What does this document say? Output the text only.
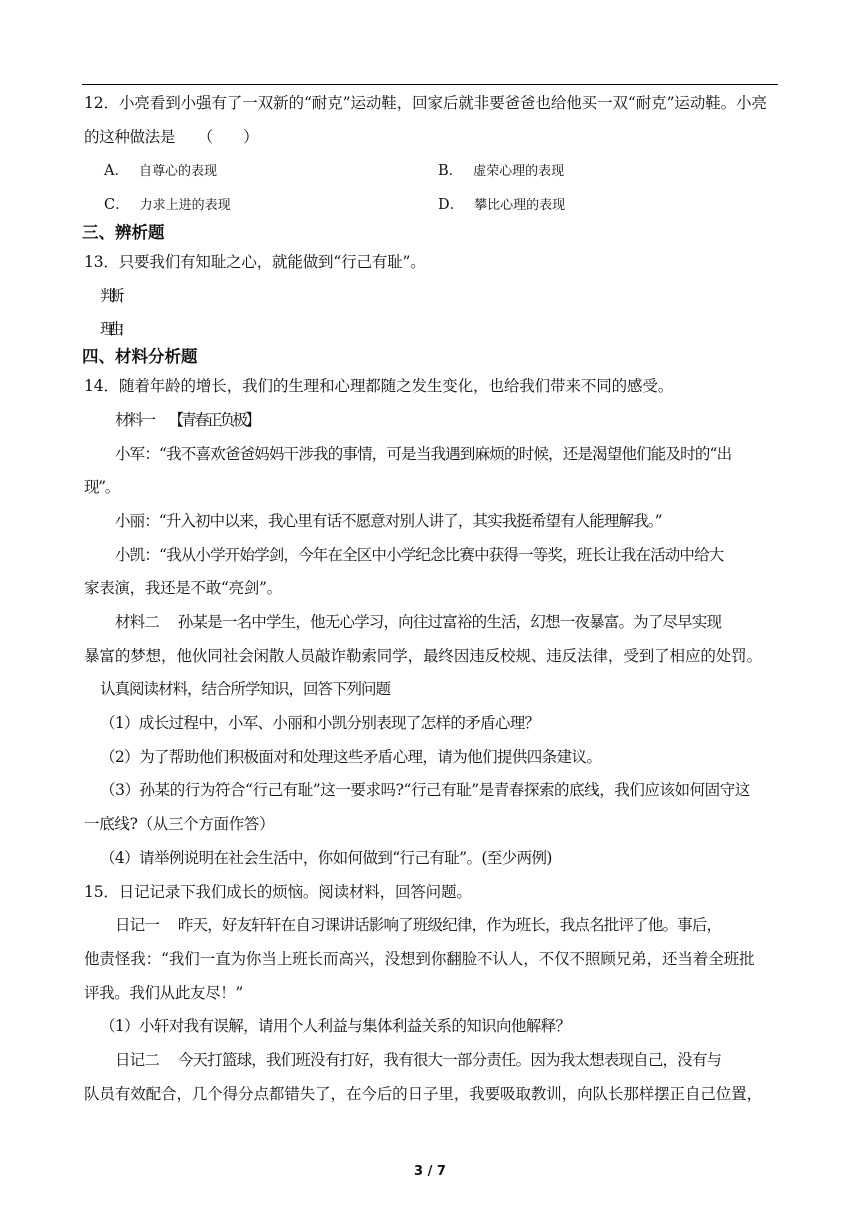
12．小亮看到小强有了一双新的“耐克”运动鞋，回家后就非要爸爸也给他买一双“耐克”运动鞋。小亮
的这种做法是　　（　　）
A． 自尊心的表现	B． 虚荣心理的表现
C． 力求上进的表现	D． 攀比心理的表现
三、辨析题
13．只要我们有知耻之心，就能做到“行己有耻”。
判断：
理由：
四、材料分析题
14．随着年龄的增长，我们的生理和心理都随之发生变化，也给我们带来不同的感受。
材料一　 【青春正负极】
小军：“我不喜欢爸爸妈妈干涉我的事情，可是当我遇到麻烦的时候，还是渴望他们能及时的“出
现”。
小丽：“升入初中以来，我心里有话不愿意对别人讲了，其实我挺希望有人能理解我。”
小凯：“我从小学开始学剑，今年在全区中小学纪念比赛中获得一等奖，班长让我在活动中给大
家表演，我还是不敢“亮剑”。
材料二　 孙某是一名中学生，他无心学习，向往过富裕的生活，幻想一夜暴富。为了尽早实现
暴富的梦想，他伙同社会闲散人员敲诈勒索同学，最终因违反校规、违反法律，受到了相应的处罚。
认真阅读材料，结合所学知识，回答下列问题
（1）成长过程中，小军、小丽和小凯分别表现了怎样的矛盾心理？
（2）为了帮助他们积极面对和处理这些矛盾心理，请为他们提供四条建议。
（3）孙某的行为符合“行己有耻”这一要求吗?“行己有耻”是青春探索的底线，我们应该如何固守这
一底线?（从三个方面作答）
（4）请举例说明在社会生活中，你如何做到“行己有耻”。(至少两例)
15．日记记录下我们成长的烦恼。阅读材料，回答问题。
日记一　 昨天，好友轩轩在自习课讲话影响了班级纪律，作为班长，我点名批评了他。事后，
他责怪我：“我们一直为你当上班长而高兴，没想到你翻脸不认人，不仅不照顾兄弟，还当着全班批
评我。我们从此友尽！”
（1）小轩对我有误解，请用个人利益与集体利益关系的知识向他解释？
日记二　 今天打篮球，我们班没有打好，我有很大一部分责任。因为我太想表现自己，没有与
队员有效配合，几个得分点都错失了，在今后的日子里，我要吸取教训，向队长那样摆正自己位置，
3 / 7
